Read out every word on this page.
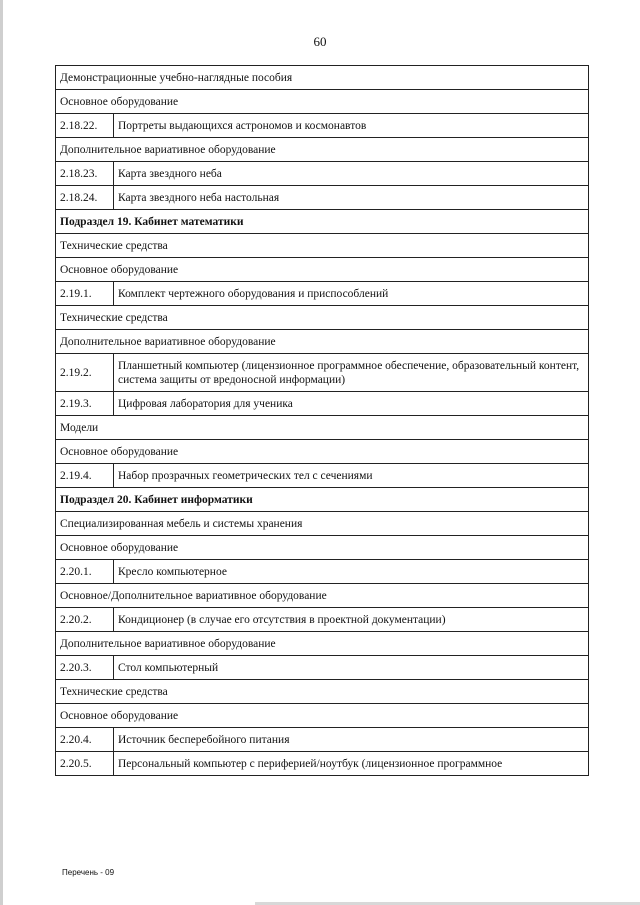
60
Демонстрационные учебно-наглядные пособия	
Основное оборудование	
2.18.22.	Портреты выдающихся астрономов и космонавтов
Дополнительное вариативное оборудование	
2.18.23.	Карта звездного неба
2.18.24.	Карта звездного неба настольная
Подраздел 19. Кабинет математики	
Технические средства	
Основное оборудование	
2.19.1.	Комплект чертежного оборудования и приспособлений
Технические средства	
Дополнительное вариативное оборудование	
2.19.2.	Планшетный компьютер (лицензионное программное обеспечение, образовательный контент, система защиты от вредоносной информации)
2.19.3.	Цифровая лаборатория для ученика
Модели	
Основное оборудование	
2.19.4.	Набор прозрачных геометрических тел с сечениями
Подраздел 20. Кабинет информатики	
Специализированная мебель и системы хранения	
Основное оборудование	
2.20.1.	Кресло компьютерное
Основное/Дополнительное вариативное оборудование	
2.20.2.	Кондиционер (в случае его отсутствия в проектной документации)
Дополнительное вариативное оборудование	
2.20.3.	Стол компьютерный
Технические средства	
Основное оборудование	
2.20.4.	Источник бесперебойного питания
2.20.5.	Персональный компьютер с периферией/ноутбук (лицензионное программное
Перечень - 09
